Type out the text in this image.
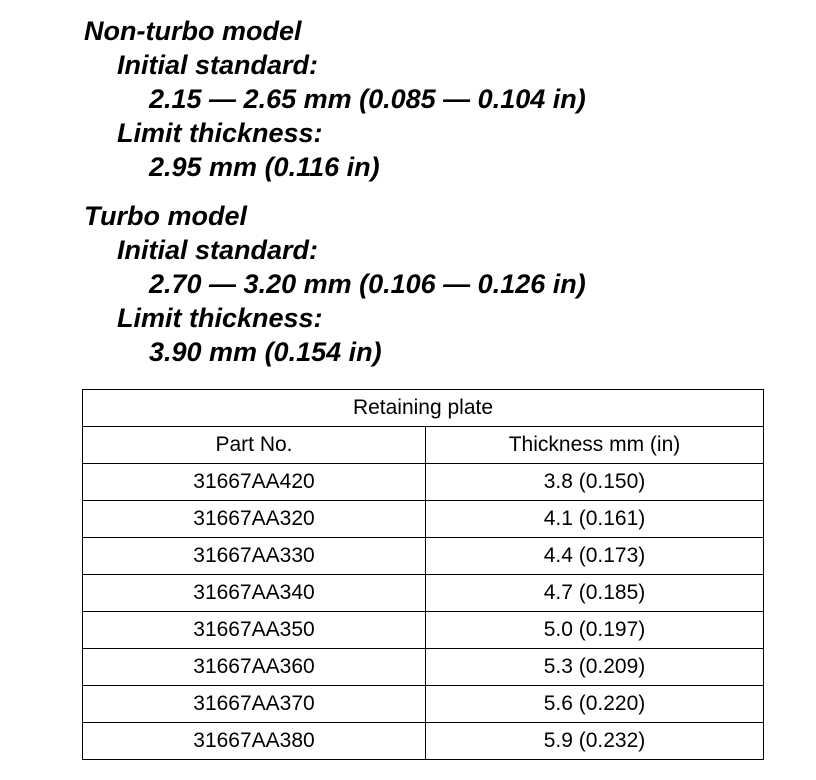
Non-turbo model
Initial standard:
2.15 — 2.65 mm (0.085 — 0.104 in)
Limit thickness:
2.95 mm (0.116 in)
Turbo model
Initial standard:
2.70 — 3.20 mm (0.106 — 0.126 in)
Limit thickness:
3.90 mm (0.154 in)
Retaining plate	
Part No.	Thickness mm (in)
31667AA420	3.8 (0.150)
31667AA320	4.1 (0.161)
31667AA330	4.4 (0.173)
31667AA340	4.7 (0.185)
31667AA350	5.0 (0.197)
31667AA360	5.3 (0.209)
31667AA370	5.6 (0.220)
31667AA380	5.9 (0.232)
